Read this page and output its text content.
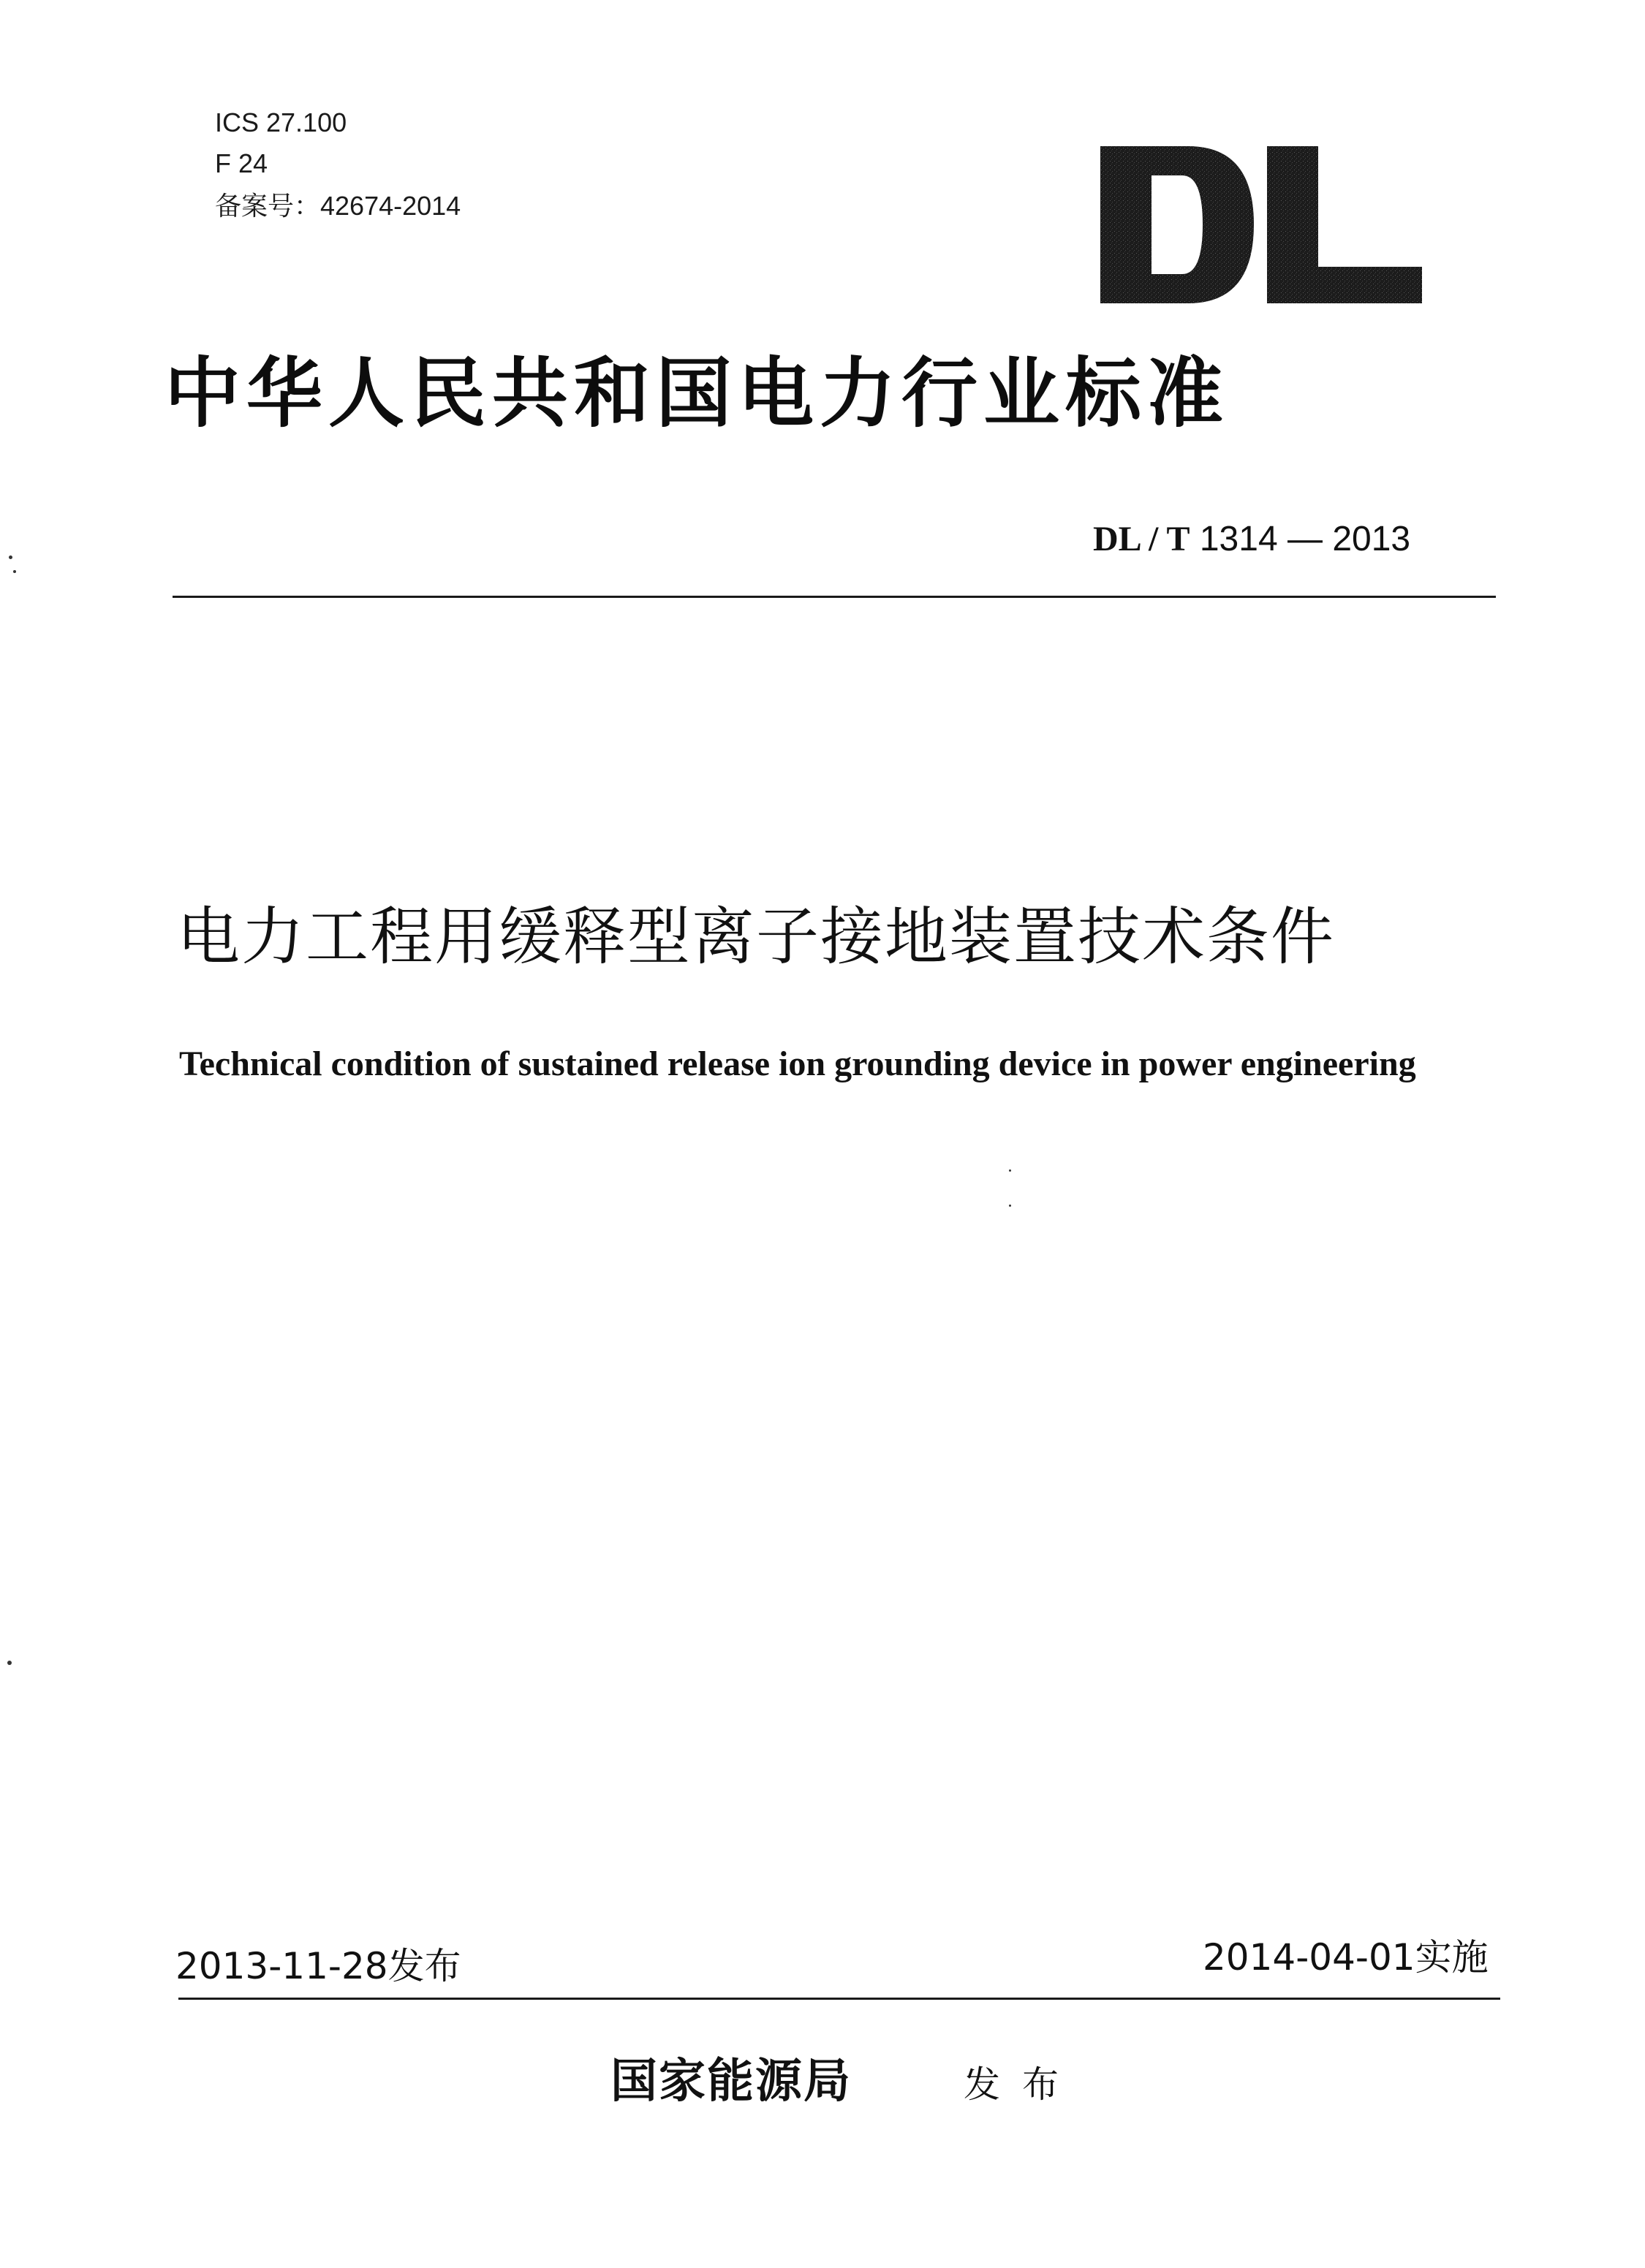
ICS 27.100
F 24
备案号：42674-2014
中华人民共和国电力行业标准
DL / T 1314 — 2013
电力工程用缓释型离子接地装置技术条件
Technical condition of sustained release ion grounding device in power engineering
2013-11-28发布	2014-04-01实施
国家能源局	发布
